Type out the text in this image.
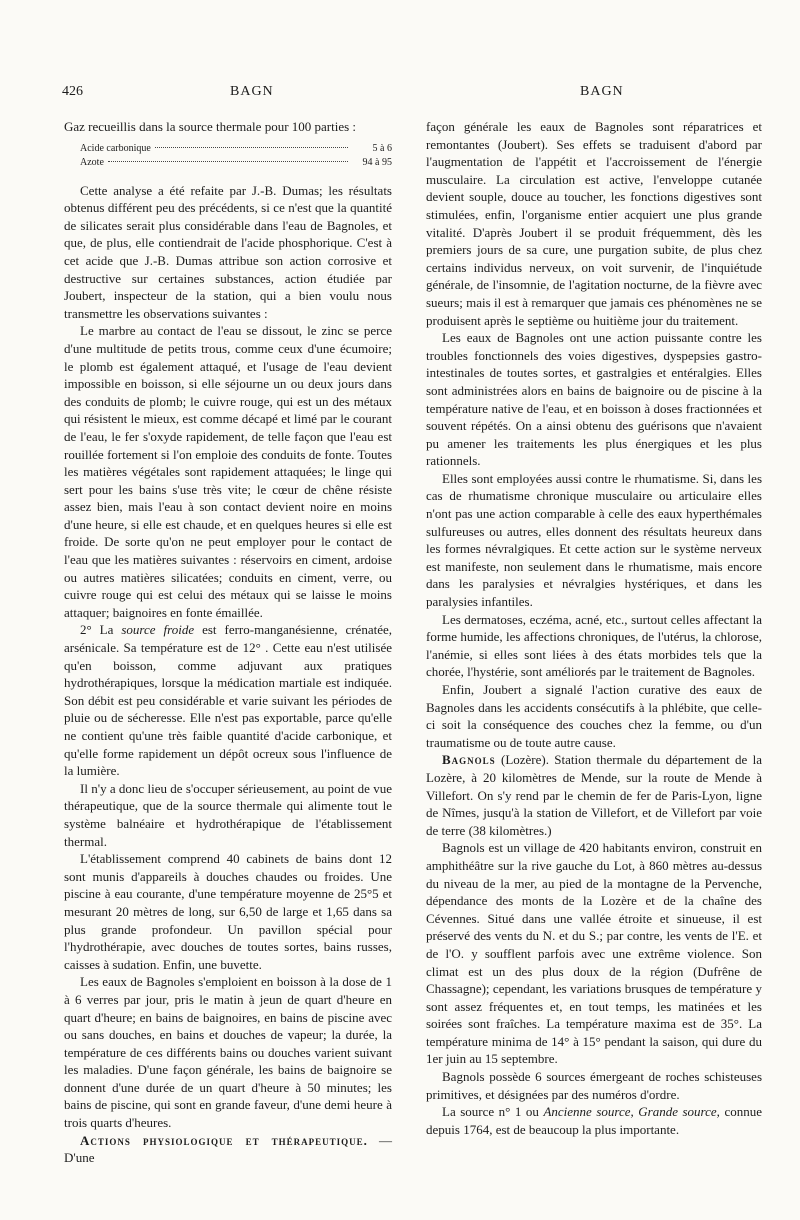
426	BAGN	BAGN

Gaz recueillis dans la source thermale pour 100 parties :

Acide carbonique	5 à 6
Azote	94 à 95

Cette analyse a été refaite par J.-B. Dumas; les résultats obtenus différent peu des précédents, si ce n'est que la quantité de silicates serait plus considérable dans l'eau de Bagnoles, et que, de plus, elle contiendrait de l'acide phosphorique. C'est à cet acide que J.-B. Dumas attribue son action corrosive et destructive sur certaines substances, action étudiée par Joubert, inspecteur de la station, qui a bien voulu nous transmettre les observations suivantes :

Le marbre au contact de l'eau se dissout, le zinc se perce d'une multitude de petits trous, comme ceux d'une écumoire; le plomb est également attaqué, et l'usage de l'eau devient impossible en boisson, si elle séjourne un ou deux jours dans des conduits de plomb; le cuivre rouge, qui est un des métaux qui résistent le mieux, est comme décapé et limé par le courant de l'eau, le fer s'oxyde rapidement, de telle façon que l'eau est rouillée fortement si l'on emploie des conduits de fonte. Toutes les matières végétales sont rapidement attaquées; le linge qui sert pour les bains s'use très vite; le cœur de chêne résiste assez bien, mais l'eau à son contact devient noire en moins d'une heure, si elle est chaude, et en quelques heures si elle est froide. De sorte qu'on ne peut employer pour le contact de l'eau que les matières suivantes : réservoirs en ciment, ardoise ou autres matières silicatées; conduits en ciment, verre, ou cuivre rouge qui est celui des métaux qui se laisse le moins attaquer; baignoires en fonte émaillée.

2° La source froide est ferro-manganésienne, crénatée, arsénicale. Sa température est de 12° . Cette eau n'est utilisée qu'en boisson, comme adjuvant aux pratiques hydrothérapiques, lorsque la médication martiale est indiquée. Son débit est peu considérable et varie suivant les périodes de pluie ou de sécheresse. Elle n'est pas exportable, parce qu'elle ne contient qu'une très faible quantité d'acide carbonique, et qu'elle forme rapidement un dépôt ocreux sous l'influence de la lumière.

Il n'y a donc lieu de s'occuper sérieusement, au point de vue thérapeutique, que de la source thermale qui alimente tout le système balnéaire et hydrothérapique de l'établissement thermal.

L'établissement comprend 40 cabinets de bains dont 12 sont munis d'appareils à douches chaudes ou froides. Une piscine à eau courante, d'une température moyenne de 25°5 et mesurant 20 mètres de long, sur 6,50 de large et 1,65 dans sa plus grande profondeur. Un pavillon spécial pour l'hydrothérapie, avec douches de toutes sortes, bains russes, caisses à sudation. Enfin, une buvette.

Les eaux de Bagnoles s'emploient en boisson à la dose de 1 à 6 verres par jour, pris le matin à jeun de quart d'heure en quart d'heure; en bains de baignoires, en bains de piscine avec ou sans douches, en bains et douches de vapeur; la durée, la température de ces différents bains ou douches varient suivant les maladies. D'une façon générale, les bains de baignoire se donnent d'une durée de un quart d'heure à 50 minutes; les bains de piscine, qui sont en grande faveur, d'une demi heure à trois quarts d'heures.

Actions physiologique et thérapeutique. — D'une

façon générale les eaux de Bagnoles sont réparatrices et remontantes (Joubert). Ses effets se traduisent d'abord par l'augmentation de l'appétit et l'accroissement de l'énergie musculaire. La circulation est active, l'enveloppe cutanée devient souple, douce au toucher, les fonctions digestives sont stimulées, enfin, l'organisme entier acquiert une plus grande vitalité. D'après Joubert il se produit fréquemment, dès les premiers jours de sa cure, une purgation subite, de plus chez certains individus nerveux, on voit survenir, de l'inquiétude générale, de l'insomnie, de l'agitation nocturne, de la fièvre avec sueurs; mais il est à remarquer que jamais ces phénomènes ne se produisent après le septième ou huitième jour du traitement.

Les eaux de Bagnoles ont une action puissante contre les troubles fonctionnels des voies digestives, dyspepsies gastro-intestinales de toutes sortes, et gastralgies et entéralgies. Elles sont administrées alors en bains de baignoire ou de piscine à la température native de l'eau, et en boisson à doses fractionnées et souvent répétés. On a ainsi obtenu des guérisons que n'avaient pu amener les traitements les plus énergiques et les plus rationnels.

Elles sont employées aussi contre le rhumatisme. Si, dans les cas de rhumatisme chronique musculaire ou articulaire elles n'ont pas une action comparable à celle des eaux hyperthémales sulfureuses ou autres, elles donnent des résultats heureux dans les formes névralgiques. Et cette action sur le système nerveux est manifeste, non seulement dans le rhumatisme, mais encore dans les paralysies et névralgies hystériques, et dans les paralysies infantiles.

Les dermatoses, eczéma, acné, etc., surtout celles affectant la forme humide, les affections chroniques, de l'utérus, la chlorose, l'anémie, si elles sont liées à des états morbides tels que la chorée, l'hystérie, sont améliorés par le traitement de Bagnoles.

Enfin, Joubert a signalé l'action curative des eaux de Bagnoles dans les accidents consécutifs à la phlébite, que celle-ci soit la conséquence des couches chez la femme, ou d'un traumatisme ou de toute autre cause.

Bagnols (Lozère). Station thermale du département de la Lozère, à 20 kilomètres de Mende, sur la route de Mende à Villefort. On s'y rend par le chemin de fer de Paris-Lyon, ligne de Nîmes, jusqu'à la station de Villefort, et de Villefort par voie de terre (38 kilomètres.)

Bagnols est un village de 420 habitants environ, construit en amphithéâtre sur la rive gauche du Lot, à 860 mètres au-dessus du niveau de la mer, au pied de la montagne de la Pervenche, dépendance des monts de la Lozère et de la chaîne des Cévennes. Situé dans une vallée étroite et sinueuse, il est préservé des vents du N. et du S.; par contre, les vents de l'E. et de l'O. y soufflent parfois avec une extrême violence. Son climat est un des plus doux de la région (Dufrêne de Chassagne); cependant, les variations brusques de température y sont assez fréquentes et, en tout temps, les matinées et les soirées sont fraîches. La température maxima est de 35°. La température minima de 14° à 15° pendant la saison, qui dure du 1er juin au 15 septembre.

Bagnols possède 6 sources émergeant de roches schisteuses primitives, et désignées par des numéros d'ordre.

La source n° 1 ou Ancienne source, Grande source, connue depuis 1764, est de beaucoup la plus importante.
